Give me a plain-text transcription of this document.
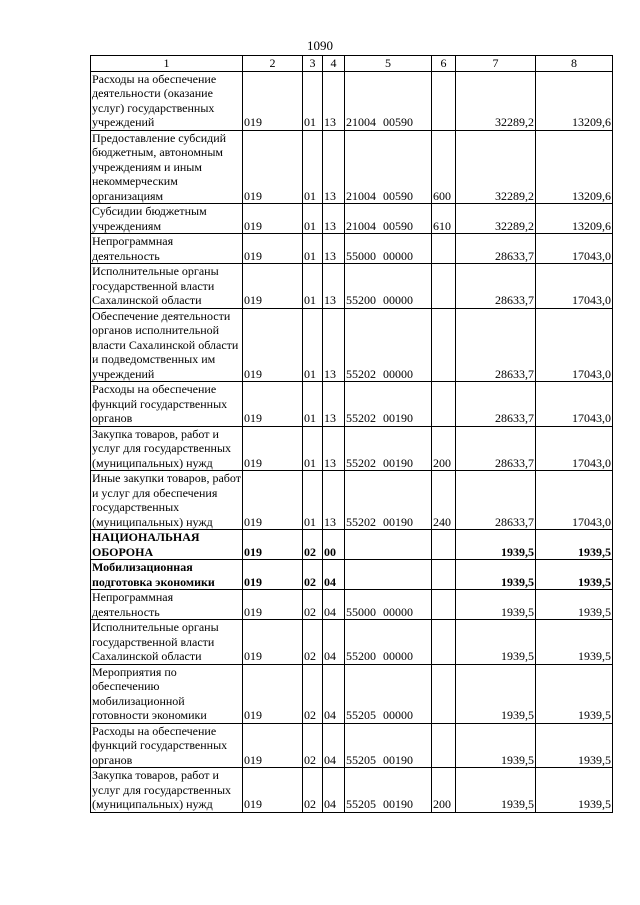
1090
1	2	3	4	5	6	7	8
Расходы на обеспечение деятельности (оказание услуг) государственных учреждений	019	01	13	21004 00590		32289,2	13209,6
Предоставление субсидий бюджетным, автономным учреждениям и иным некоммерческим организациям	019	01	13	21004 00590	600	32289,2	13209,6
Субсидии бюджетным учреждениям	019	01	13	21004 00590	610	32289,2	13209,6
Непрограммная деятельность	019	01	13	55000 00000		28633,7	17043,0
Исполнительные органы государственной власти Сахалинской области	019	01	13	55200 00000		28633,7	17043,0
Обеспечение деятельности органов исполнительной власти Сахалинской области и подведомственных им учреждений	019	01	13	55202 00000		28633,7	17043,0
Расходы на обеспечение функций государственных органов	019	01	13	55202 00190		28633,7	17043,0
Закупка товаров, работ и услуг для государственных (муниципальных) нужд	019	01	13	55202 00190	200	28633,7	17043,0
Иные закупки товаров, работ и услуг для обеспечения государственных (муниципальных) нужд	019	01	13	55202 00190	240	28633,7	17043,0
НАЦИОНАЛЬНАЯ ОБОРОНА	019	02	00			1939,5	1939,5
Мобилизационная подготовка экономики	019	02	04			1939,5	1939,5
Непрограммная деятельность	019	02	04	55000 00000		1939,5	1939,5
Исполнительные органы государственной власти Сахалинской области	019	02	04	55200 00000		1939,5	1939,5
Мероприятия по обеспечению мобилизационной готовности экономики	019	02	04	55205 00000		1939,5	1939,5
Расходы на обеспечение функций государственных органов	019	02	04	55205 00190		1939,5	1939,5
Закупка товаров, работ и услуг для государственных (муниципальных) нужд	019	02	04	55205 00190	200	1939,5	1939,5
